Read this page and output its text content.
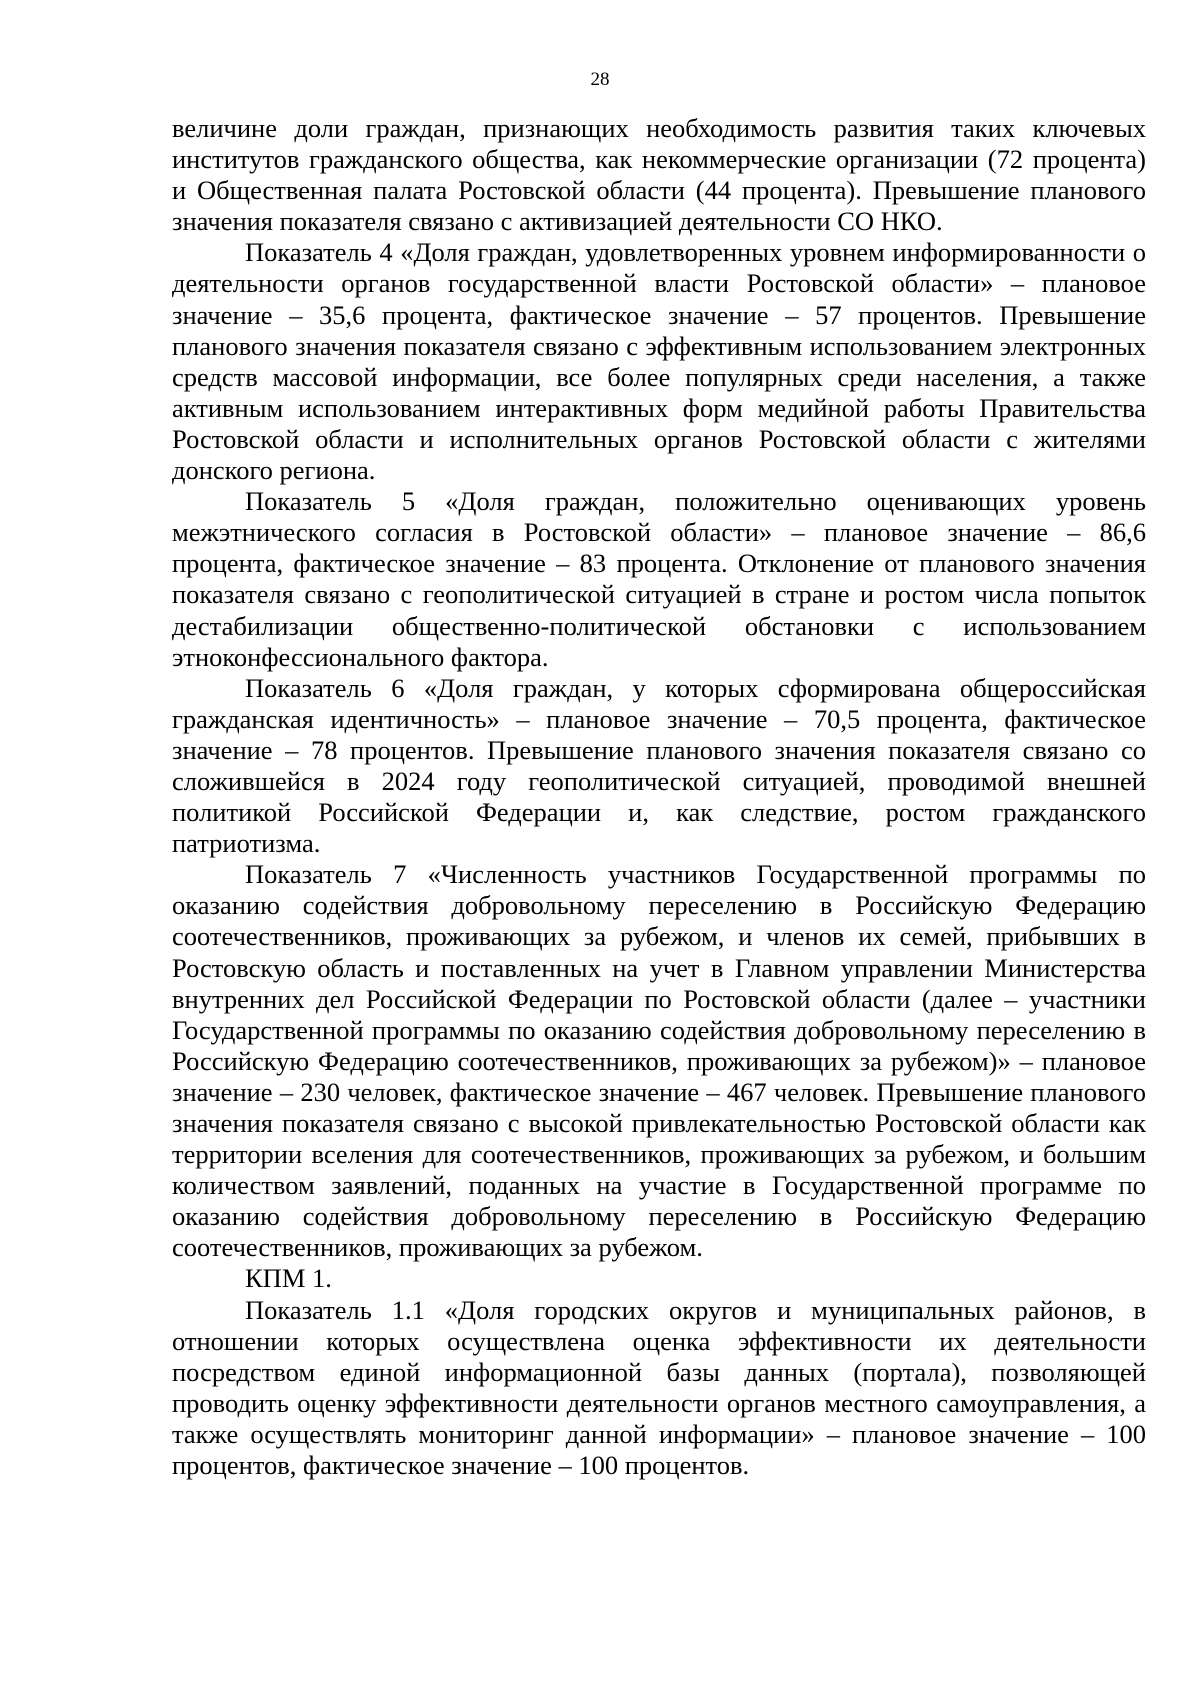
28

величине доли граждан, признающих необходимость развития таких ключевых институтов гражданского общества, как некоммерческие организации (72 процента) и Общественная палата Ростовской области (44 процента). Превышение планового значения показателя связано с активизацией деятельности СО НКО.

Показатель 4 «Доля граждан, удовлетворенных уровнем информированности о деятельности органов государственной власти Ростовской области» – плановое значение – 35,6 процента, фактическое значение – 57 процентов. Превышение планового значения показателя связано с эффективным использованием электронных средств массовой информации, все более популярных среди населения, а также активным использованием интерактивных форм медийной работы Правительства Ростовской области и исполнительных органов Ростовской области с жителями донского региона.

Показатель 5 «Доля граждан, положительно оценивающих уровень межэтнического согласия в Ростовской области» – плановое значение – 86,6 процента, фактическое значение – 83 процента. Отклонение от планового значения показателя связано с геополитической ситуацией в стране и ростом числа попыток дестабилизации общественно-политической обстановки с использованием этноконфессионального фактора.

Показатель 6 «Доля граждан, у которых сформирована общероссийская гражданская идентичность» – плановое значение – 70,5 процента, фактическое значение – 78 процентов. Превышение планового значения показателя связано со сложившейся в 2024 году геополитической ситуацией, проводимой внешней политикой Российской Федерации и, как следствие, ростом гражданского патриотизма.

Показатель 7 «Численность участников Государственной программы по оказанию содействия добровольному переселению в Российскую Федерацию соотечественников, проживающих за рубежом, и членов их семей, прибывших в Ростовскую область и поставленных на учет в Главном управлении Министерства внутренних дел Российской Федерации по Ростовской области (далее – участники Государственной программы по оказанию содействия добровольному переселению в Российскую Федерацию соотечественников, проживающих за рубежом)» – плановое значение – 230 человек, фактическое значение – 467 человек. Превышение планового значения показателя связано с высокой привлекательностью Ростовской области как территории вселения для соотечественников, проживающих за рубежом, и большим количеством заявлений, поданных на участие в Государственной программе по оказанию содействия добровольному переселению в Российскую Федерацию соотечественников, проживающих за рубежом.

КПМ 1.

Показатель 1.1 «Доля городских округов и муниципальных районов, в отношении которых осуществлена оценка эффективности их деятельности посредством единой информационной базы данных (портала), позволяющей проводить оценку эффективности деятельности органов местного самоуправления, а также осуществлять мониторинг данной информации» – плановое значение – 100 процентов, фактическое значение – 100 процентов.
